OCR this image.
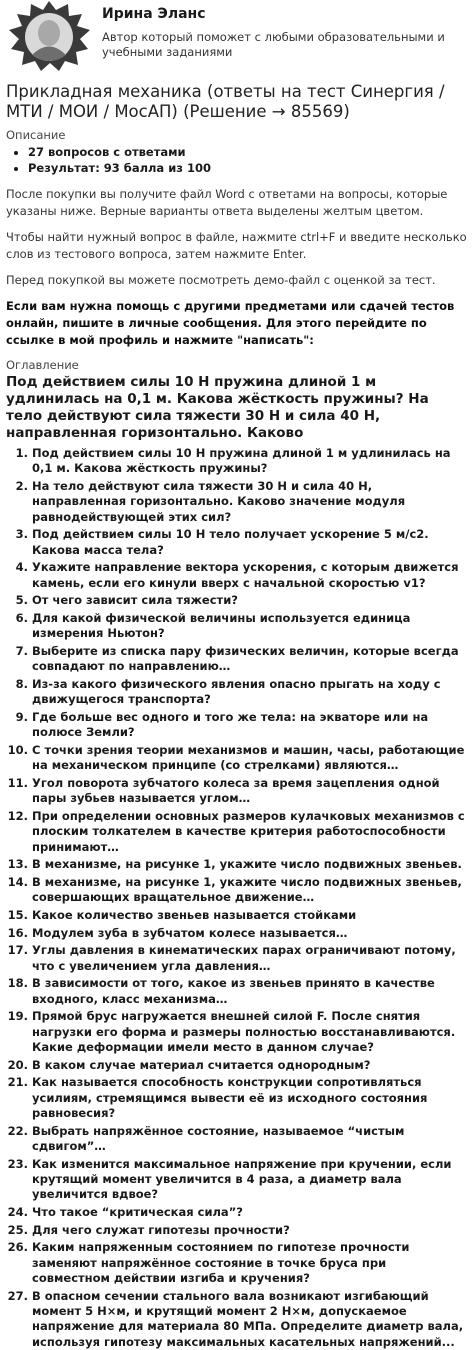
Ирина Эланс
Автор который поможет с любыми образовательными и учебными заданиями
Прикладная механика (ответы на тест Синергия / МТИ / МОИ / МосАП) (Решение → 85569)
Описание
• 27 вопросов с ответами
• Результат: 93 балла из 100

После покупки вы получите файл Word с ответами на вопросы, которые указаны ниже. Верные варианты ответа выделены желтым цветом.

Чтобы найти нужный вопрос в файле, нажмите ctrl+F и введите несколько слов из тестового вопроса, затем нажмите Enter.

Перед покупкой вы можете посмотреть демо-файл с оценкой за тест.

Если вам нужна помощь с другими предметами или сдачей тестов онлайн, пишите в личные сообщения. Для этого перейдите по ссылке в мой профиль и нажмите "написать":

Оглавление
Под действием силы 10 Н пружина длиной 1 м удлинилась на 0,1 м. Какова жёсткость пружины? На тело действуют сила тяжести 30 Н и сила 40 Н, направленная горизонтально. Каково
1. Под действием силы 10 Н пружина длиной 1 м удлинилась на 0,1 м. Какова жёсткость пружины?
2. На тело действуют сила тяжести 30 Н и сила 40 Н, направленная горизонтально. Каково значение модуля равнодействующей этих сил?
3. Под действием силы 10 Н тело получает ускорение 5 м/с2. Какова масса тела?
4. Укажите направление вектора ускорения, с которым движется камень, если его кинули вверх с начальной скоростью v1?
5. От чего зависит сила тяжести?
6. Для какой физической величины используется единица измерения Ньютон?
7. Выберите из списка пару физических величин, которые всегда совпадают по направлению…
8. Из-за какого физического явления опасно прыгать на ходу с движущегося транспорта?
9. Где больше вес одного и того же тела: на экваторе или на полюсе Земли?
10. С точки зрения теории механизмов и машин, часы, работающие на механическом принципе (со стрелками) являются…
11. Угол поворота зубчатого колеса за время зацепления одной пары зубьев называется углом…
12. При определении основных размеров кулачковых механизмов с плоским толкателем в качестве критерия работоспособности принимают…
13. В механизме, на рисунке 1, укажите число подвижных звеньев.
14. В механизме, на рисунке 1, укажите число подвижных звеньев, совершающих вращательное движение…
15. Какое количество звеньев называется стойками
16. Модулем зуба в зубчатом колесе называется…
17. Углы давления в кинематических парах ограничивают потому, что с увеличением угла давления…
18. В зависимости от того, какое из звеньев принято в качестве входного, класс механизма…
19. Прямой брус нагружается внешней силой F. После снятия нагрузки его форма и размеры полностью восстанавливаются. Какие деформации имели место в данном случае?
20. В каком случае материал считается однородным?
21. Как называется способность конструкции сопротивляться усилиям, стремящимся вывести её из исходного состояния равновесия?
22. Выбрать напряжённое состояние, называемое “чистым сдвигом”…
23. Как изменится максимальное напряжение при кручении, если крутящий момент увеличится в 4 раза, а диаметр вала увеличится вдвое?
24. Что такое “критическая сила”?
25. Для чего служат гипотезы прочности?
26. Каким напряженным состоянием по гипотезе прочности заменяют напряжённое состояние в точке бруса при совместном действии изгиба и кручения?
27. В опасном сечении стального вала возникают изгибающий момент 5 Н×м, и крутящий момент 2 Н×м, допускаемое напряжение для материала 80 МПа. Определите диаметр вала, используя гипотезу максимальных касательных напряжений...
